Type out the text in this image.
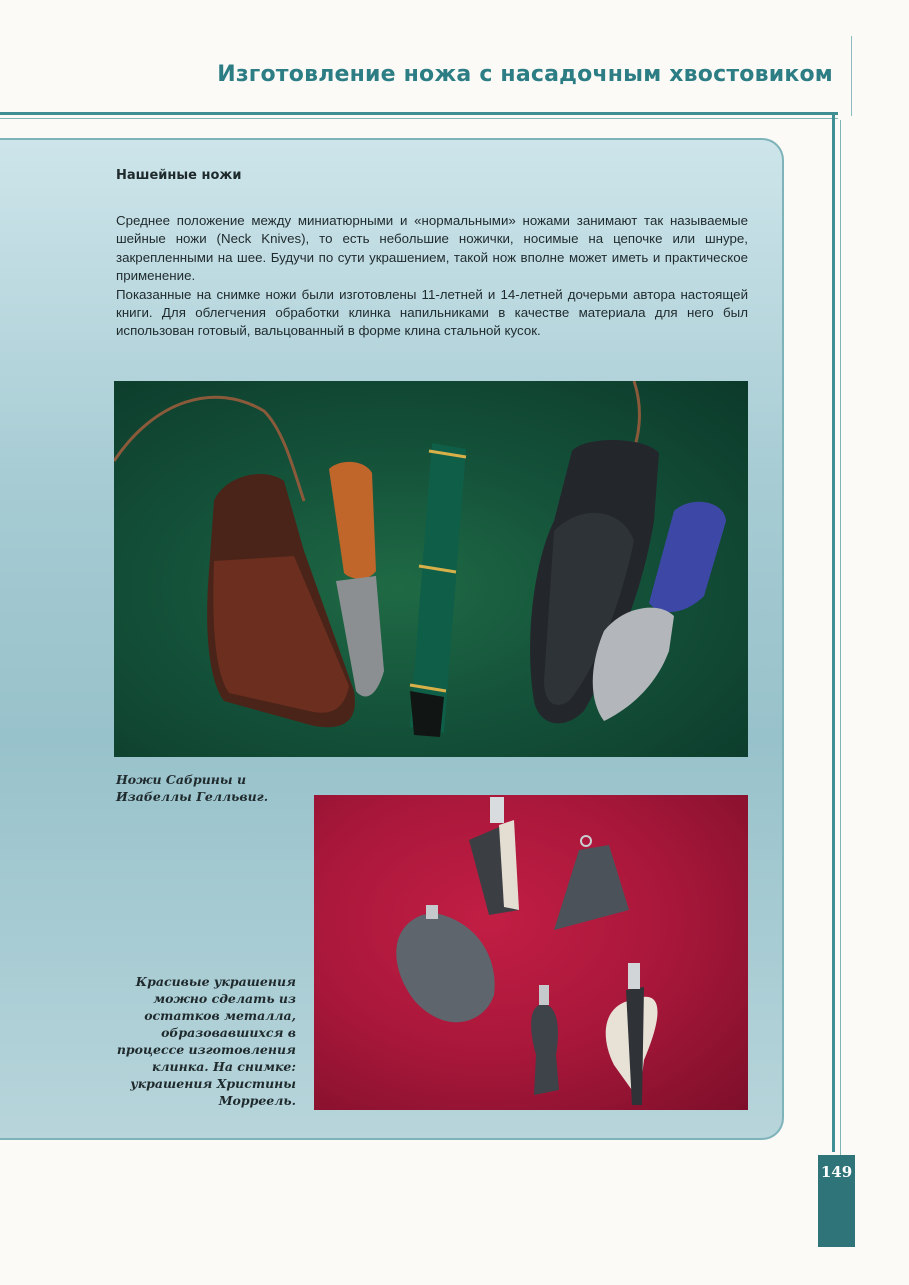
Изготовление ножа с насадочным хвостовиком
Нашейные ножи

Среднее положение между миниатюрными и «нормальными» ножами занимают так называемые шейные ножи (Neck Knives), то есть небольшие ножички, носимые на цепочке или шнуре, закрепленными на шее. Будучи по сути украшением, такой нож вполне может иметь и практическое применение.

Показанные на снимке ножи были изготовлены 11-летней и 14-летней дочерьми автора настоящей книги. Для облегчения обработки клинка напильниками в качестве материала для него был использован готовый, вальцованный в форме клина стальной кусок.

Ножи Сабрины и
Изабеллы Гелльвиг.

Красивые украшения
можно сделать из
остатков металла,
образовавшихся в
процессе изготовления
клинка. На снимке:
украшения Христины
Морреель.

149
